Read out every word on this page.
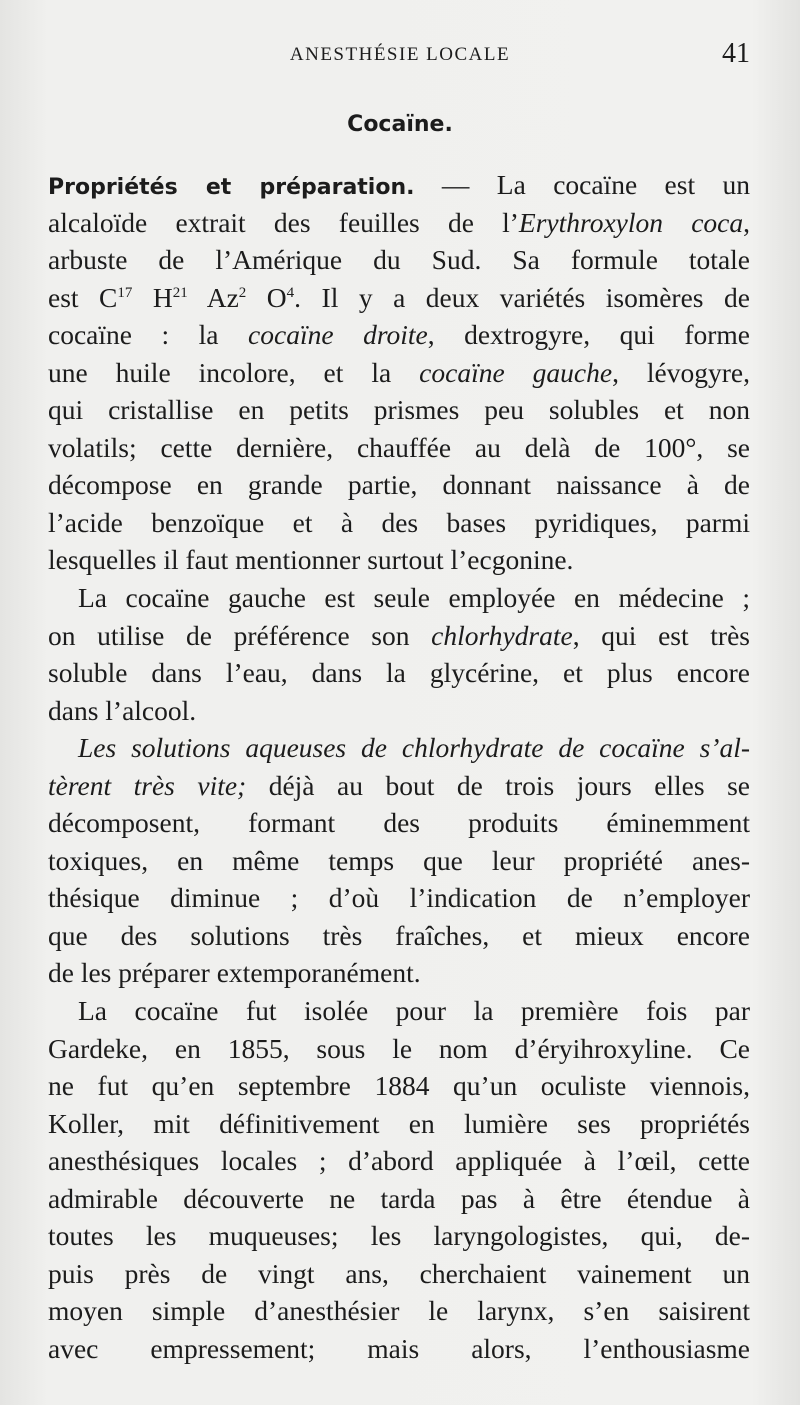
ANESTHÉSIE LOCALE	41
Cocaïne.
Propriétés et préparation. — La cocaïne est un
alcaloïde extrait des feuilles de l’Erythroxylon coca,
arbuste de l’Amérique du Sud. Sa formule totale
est $C^{17}$ $H^{21}$ Az$^2$ $O^4$. Il y a deux variétés isomères de
cocaïne : la cocaïne droite, dextrogyre, qui forme
une huile incolore, et la cocaïne gauche, lévogyre,
qui cristallise en petits prismes peu solubles et non
volatils; cette dernière, chauffée au delà de 100°, se
décompose en grande partie, donnant naissance à de
l’acide benzoïque et à des bases pyridiques, parmi
lesquelles il faut mentionner surtout l’ecgonine.
La cocaïne gauche est seule employée en médecine ;
on utilise de préférence son chlorhydrate, qui est très
soluble dans l’eau, dans la glycérine, et plus encore
dans l’alcool.
Les solutions aqueuses de chlorhydrate de cocaïne s’al-
tèrent très vite; déjà au bout de trois jours elles se
décomposent, formant des produits éminemment
toxiques, en même temps que leur propriété anes-
thésique diminue ; d’où l’indication de n’employer
que des solutions très fraîches, et mieux encore
de les préparer extemporanément.
La cocaïne fut isolée pour la première fois par
Gardeke, en 1855, sous le nom d’éryihroxyline. Ce
ne fut qu’en septembre 1884 qu’un oculiste viennois,
Koller, mit définitivement en lumière ses propriétés
anesthésiques locales ; d’abord appliquée à l’œil, cette
admirable découverte ne tarda pas à être étendue à
toutes les muqueuses; les laryngologistes, qui, de-
puis près de vingt ans, cherchaient vainement un
moyen simple d’anesthésier le larynx, s’en saisirent
avec empressement; mais alors, l’enthousiasme
